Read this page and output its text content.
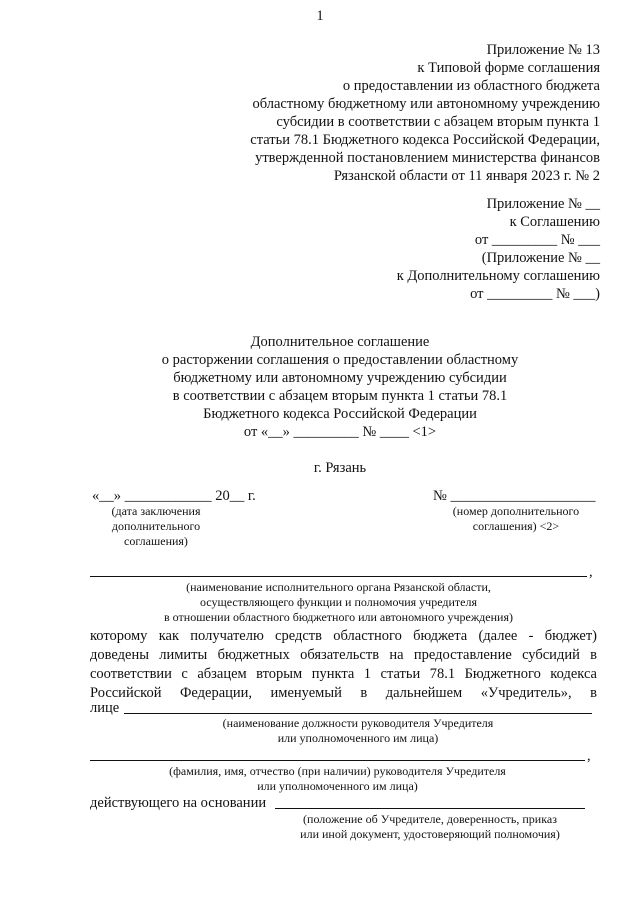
1
Приложение № 13
к Типовой форме соглашения
о предоставлении из областного бюджета
областному бюджетному или автономному учреждению
субсидии в соответствии с абзацем вторым пункта 1
статьи 78.1 Бюджетного кодекса Российской Федерации,
утвержденной постановлением министерства финансов
Рязанской области от 11 января 2023 г. № 2
Приложение № __
к Соглашению
от _________ № ___
(Приложение № __
к Дополнительному соглашению
от _________ № ___)
Дополнительное соглашение
о расторжении соглашения о предоставлении областному
бюджетному или автономному учреждению субсидии
в соответствии с абзацем вторым пункта 1 статьи 78.1
Бюджетного кодекса Российской Федерации
от «__» _________ № ____ <1>
г. Рязань
«__» ____________ 20__ г.
(дата заключения
дополнительного
соглашения)
№ ____________________
(номер дополнительного
соглашения) <2>
,
(наименование исполнительного органа Рязанской области,
осуществляющего функции и полномочия учредителя
в отношении областного бюджетного или автономного учреждения)
которому как получателю средств областного бюджета (далее - бюджет)
доведены лимиты бюджетных обязательств на предоставление субсидий в
соответствии с абзацем вторым пункта 1 статьи 78.1 Бюджетного кодекса
Российской Федерации, именуемый в дальнейшем «Учредитель», в
лице
(наименование должности руководителя Учредителя
или уполномоченного им лица)
,
(фамилия, имя, отчество (при наличии) руководителя Учредителя
или уполномоченного им лица)
действующего на основании
(положение об Учредителе, доверенность, приказ
или иной документ, удостоверяющий полномочия)
